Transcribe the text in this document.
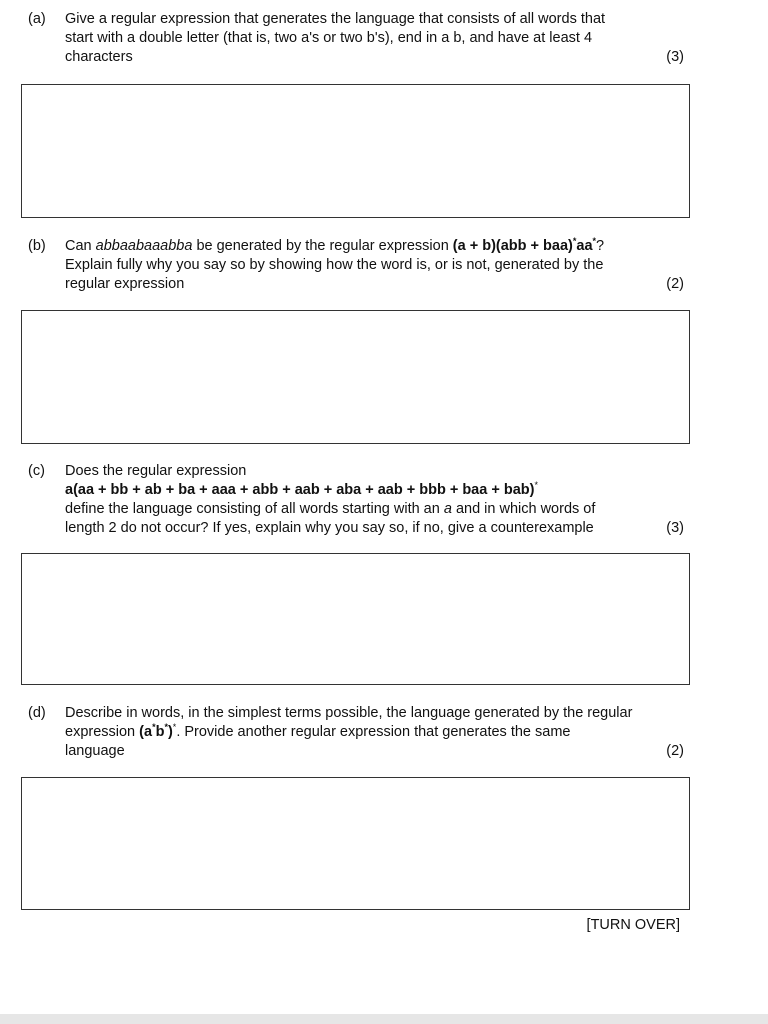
(a) Give a regular expression that generates the language that consists of all words that
start with a double letter (that is, two a's or two b's), end in a b, and have at least 4
characters	(3)
(b) Can abbaabaaabba be generated by the regular expression (a + b)(abb + baa)*aa*?
Explain fully why you say so by showing how the word is, or is not, generated by the
regular expression	(2)
(c) Does the regular expression
a(aa + bb + ab + ba + aaa + abb + aab + aba + aab + bbb + baa + bab)*
define the language consisting of all words starting with an a and in which words of
length 2 do not occur? If yes, explain why you say so, if no, give a counterexample	(3)
(d) Describe in words, in the simplest terms possible, the language generated by the regular
expression (a*b*)*. Provide another regular expression that generates the same
language	(2)
[TURN OVER]
